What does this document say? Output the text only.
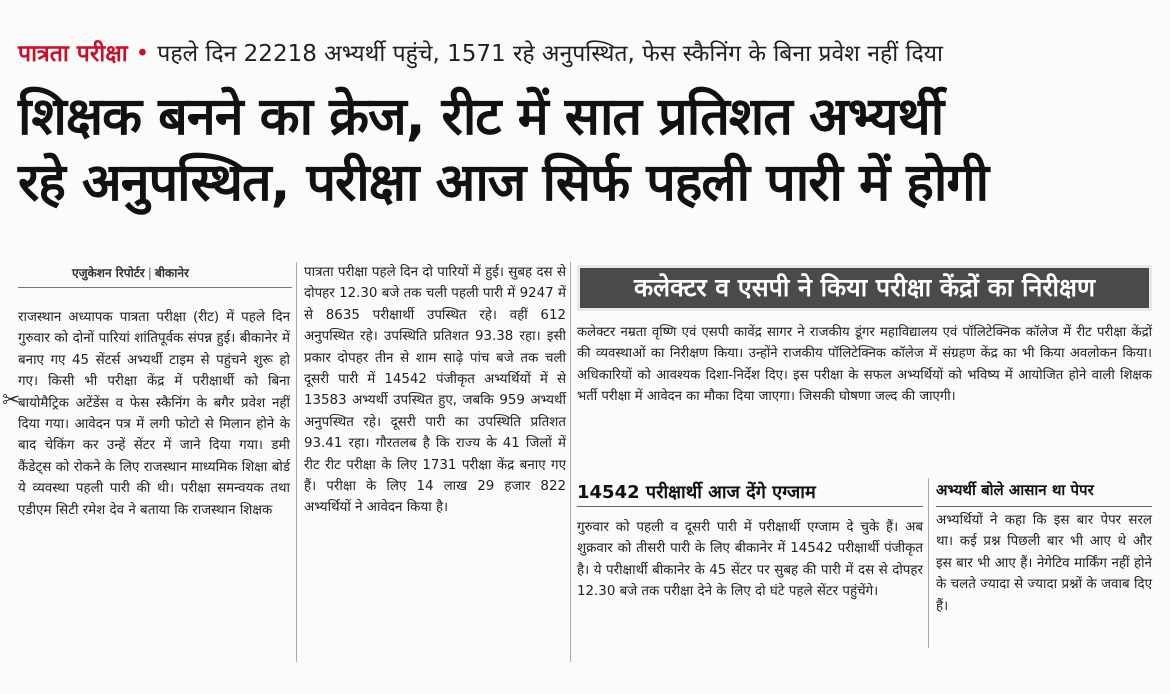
पात्रता परीक्षा • पहले दिन 22218 अभ्यर्थी पहुंचे, 1571 रहे अनुपस्थित, फेस स्कैनिंग के बिना प्रवेश नहीं दिया
शिक्षक बनने का क्रेज, रीट में सात प्रतिशत अभ्यर्थी
रहे अनुपस्थित, परीक्षा आज सिर्फ पहली पारी में होगी
✂
एजुकेशन रिपोर्टर | बीकानेर
राजस्थान अध्यापक पात्रता परीक्षा (रीट) में पहले दिन गुरुवार को दोनों पारियां शांतिपूर्वक संपन्न हुई। बीकानेर में बनाए गए 45 सेंटर्स अभ्यर्थी टाइम से पहुंचने शुरू हो गए। किसी भी परीक्षा केंद्र में परीक्षार्थी को बिना बायोमैट्रिक अटेंडेंस व फेस स्कैनिंग के बगैर प्रवेश नहीं दिया गया। आवेदन पत्र में लगी फोटो से मिलान होने के बाद चेकिंग कर उन्हें सेंटर में जाने दिया गया। डमी कैंडेट्स को रोकने के लिए राजस्थान माध्यमिक शिक्षा बोर्ड ये व्यवस्था पहली पारी की थी। परीक्षा समन्वयक तथा एडीएम सिटी रमेश देव ने बताया कि राजस्थान शिक्षक
पात्रता परीक्षा पहले दिन दो पारियों में हुई। सुबह दस से दोपहर 12.30 बजे तक चली पहली पारी में 9247 में से 8635 परीक्षार्थी उपस्थित रहे। वहीं 612 अनुपस्थित रहे। उपस्थिति प्रतिशत 93.38 रहा। इसी प्रकार दोपहर तीन से शाम साढ़े पांच बजे तक चली दूसरी पारी में 14542 पंजीकृत अभ्यर्थियों में से 13583 अभ्यर्थी उपस्थित हुए, जबकि 959 अभ्यर्थी अनुपस्थित रहे। दूसरी पारी का उपस्थिति प्रतिशत 93.41 रहा। गौरतलब है कि राज्य के 41 जिलों में रीट रीट परीक्षा के लिए 1731 परीक्षा केंद्र बनाए गए हैं। परीक्षा के लिए 14 लाख 29 हजार 822 अभ्यर्थियों ने आवेदन किया है।
कलेक्टर व एसपी ने किया परीक्षा केंद्रों का निरीक्षण
कलेक्टर नम्रता वृष्णि एवं एसपी कावेंद्र सागर ने राजकीय डूंगर महाविद्यालय एवं पॉलिटेक्निक कॉलेज में रीट परीक्षा केंद्रों की व्यवस्थाओं का निरीक्षण किया। उन्होंने राजकीय पॉलिटेक्निक कॉलेज में संग्रहण केंद्र का भी किया अवलोकन किया। अधिकारियों को आवश्यक दिशा-निर्देश दिए। इस परीक्षा के सफल अभ्यर्थियों को भविष्य में आयोजित होने वाली शिक्षक भर्ती परीक्षा में आवेदन का मौका दिया जाएगा। जिसकी घोषणा जल्द की जाएगी।
14542 परीक्षार्थी आज देंगे एग्जाम
गुरुवार को पहली व दूसरी पारी में परीक्षार्थी एग्जाम दे चुके हैं। अब शुक्रवार को तीसरी पारी के लिए बीकानेर में 14542 परीक्षार्थी पंजीकृत है। ये परीक्षार्थी बीकानेर के 45 सेंटर पर सुबह की पारी में दस से दोपहर 12.30 बजे तक परीक्षा देने के लिए दो घंटे पहले सेंटर पहुंचेंगे।
अभ्यर्थी बोले आसान था पेपर
अभ्यर्थियों ने कहा कि इस बार पेपर सरल था। कई प्रश्न पिछली बार भी आए थे और इस बार भी आए हैं। नेगेटिव मार्किंग नहीं होने के चलते ज्यादा से ज्यादा प्रश्नों के जवाब दिए हैं।
